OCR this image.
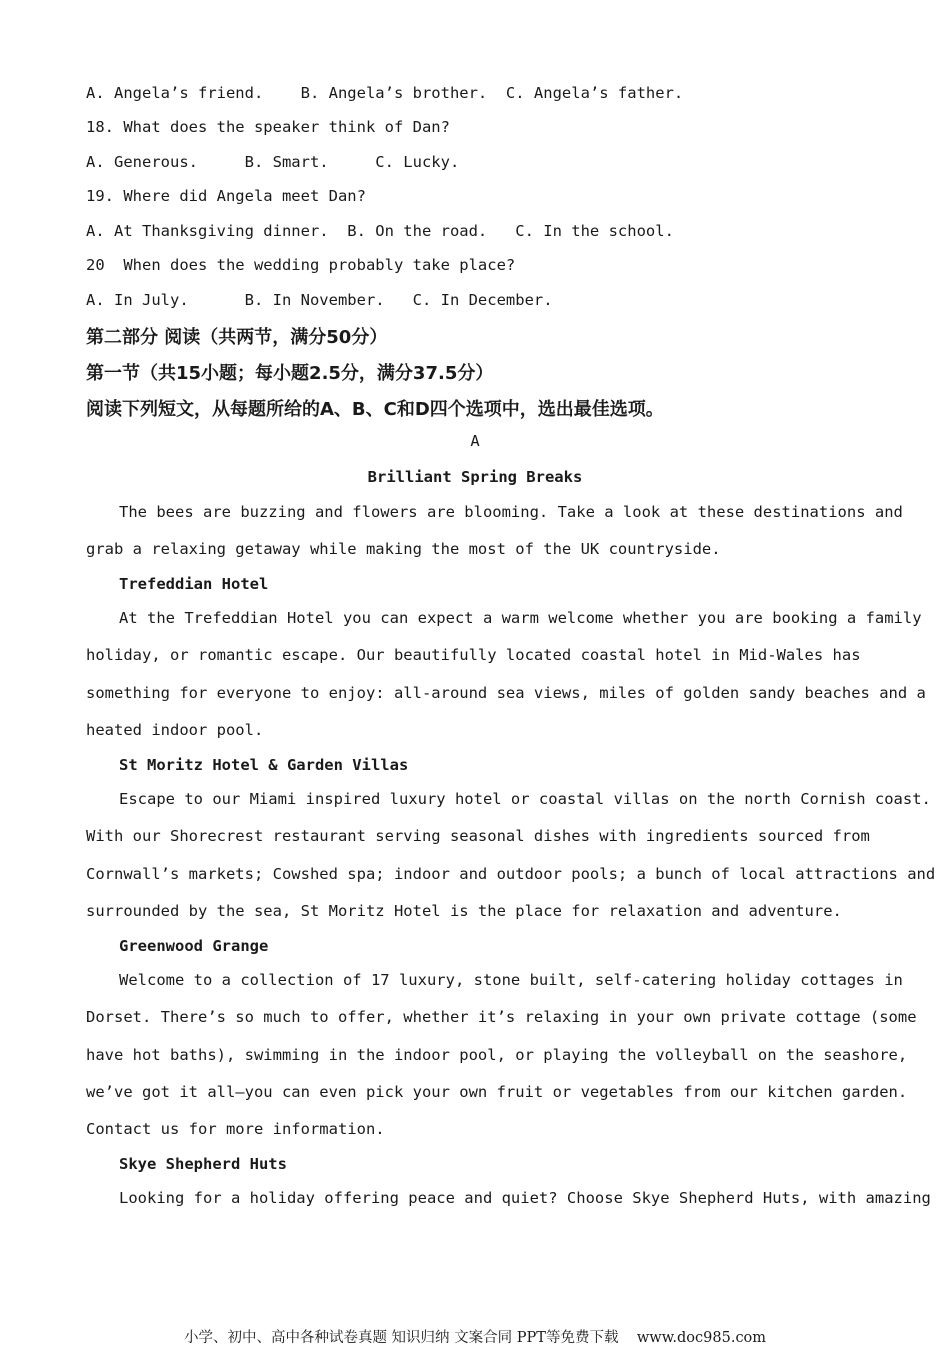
A. Angela’s friend.    B. Angela’s brother.  C. Angela’s father.
18. What does the speaker think of Dan?
A. Generous.     B. Smart.     C. Lucky.
19. Where did Angela meet Dan?
A. At Thanksgiving dinner.  B. On the road.   C. In the school.
20  When does the wedding probably take place?
A. In July.      B. In November.   C. In December.
第二部分 阅读（共两节，满分50分）
第一节（共15小题；每小题2.5分，满分37.5分）
阅读下列短文，从每题所给的A、B、C和D四个选项中，选出最佳选项。
A
Brilliant Spring Breaks
The bees are buzzing and flowers are blooming. Take a look at these destinations and
grab a relaxing getaway while making the most of the UK countryside.
Trefeddian Hotel
At the Trefeddian Hotel you can expect a warm welcome whether you are booking a family
holiday, or romantic escape. Our beautifully located coastal hotel in Mid-Wales has
something for everyone to enjoy: all-around sea views, miles of golden sandy beaches and a
heated indoor pool.
St Moritz Hotel & Garden Villas
Escape to our Miami inspired luxury hotel or coastal villas on the north Cornish coast.
With our Shorecrest restaurant serving seasonal dishes with ingredients sourced from
Cornwall’s markets; Cowshed spa; indoor and outdoor pools; a bunch of local attractions and
surrounded by the sea, St Moritz Hotel is the place for relaxation and adventure.
Greenwood Grange
Welcome to a collection of 17 luxury, stone built, self-catering holiday cottages in
Dorset. There’s so much to offer, whether it’s relaxing in your own private cottage (some
have hot baths), swimming in the indoor pool, or playing the volleyball on the seashore,
we’ve got it all—you can even pick your own fruit or vegetables from our kitchen garden.
Contact us for more information.
Skye Shepherd Huts
Looking for a holiday offering peace and quiet? Choose Skye Shepherd Huts, with amazing
小学、初中、高中各种试卷真题 知识归纳 文案合同 PPT等免费下载    www.doc985.com
